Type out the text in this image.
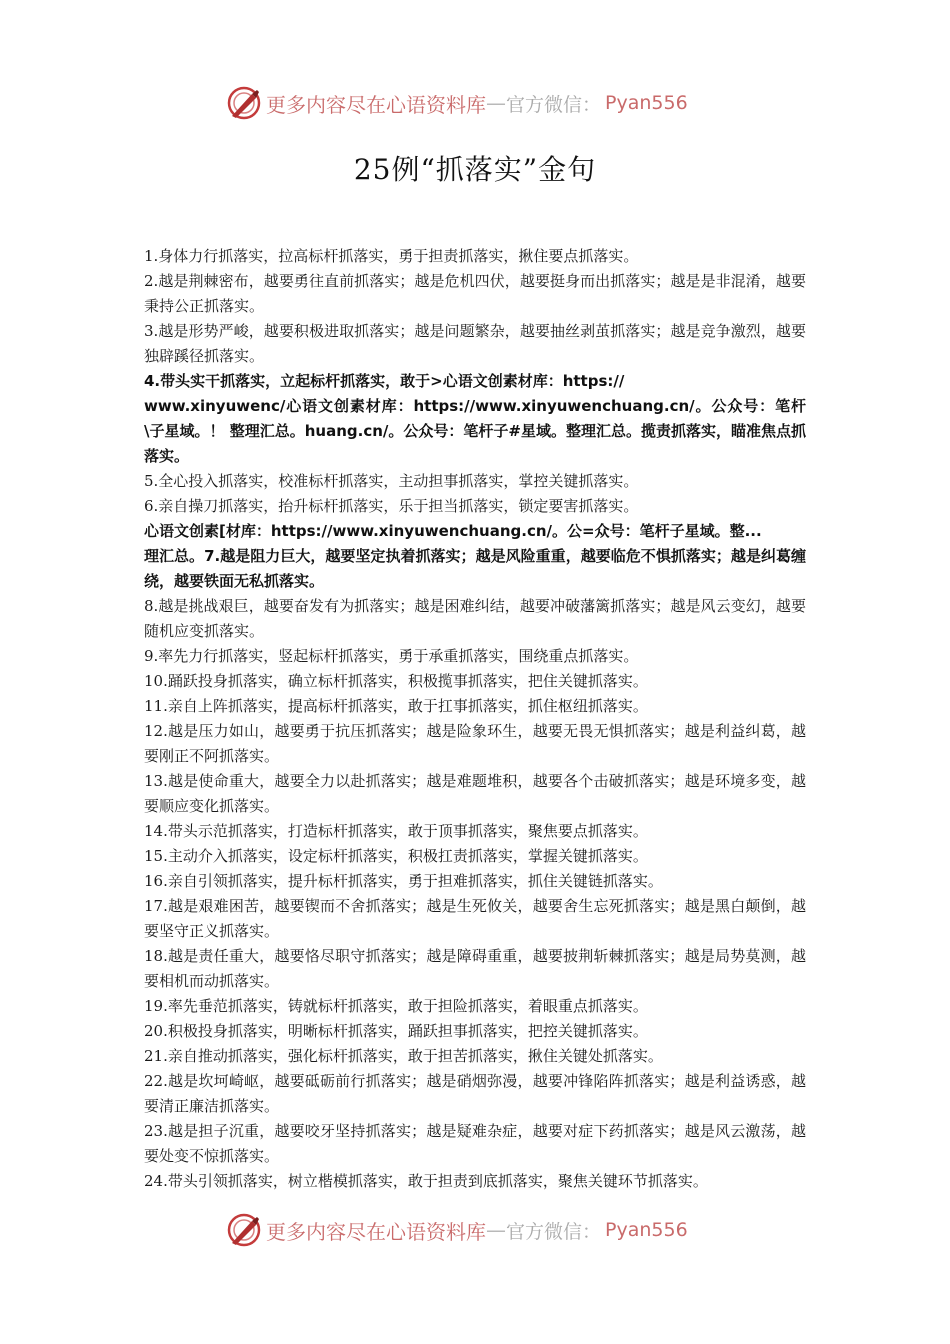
更多内容尽在心语资料库 — 官方微信： Pyan556
25例“抓落实”金句

1.身体力行抓落实，拉高标杆抓落实，勇于担责抓落实，揪住要点抓落实。

2.越是荆棘密布，越要勇往直前抓落实；越是危机四伏，越要挺身而出抓落实；越是是非混淆，越要秉持公正抓落实。

3.越是形势严峻，越要积极进取抓落实；越是问题繁杂，越要抽丝剥茧抓落实；越是竞争激烈，越要独辟蹊径抓落实。

4.带头实干抓落实，立起标杆抓落实，敢于>心语文创素材库：https://
www.xinyuwenc/心语文创素材库：https://www.xinyuwenchuang.cn/。公众号：笔杆\子星域。！ 整理汇总。huang.cn/。公众号：笔杆子#星域。整理汇总。揽责抓落实，瞄准焦点抓落实。

5.全心投入抓落实，校准标杆抓落实，主动担事抓落实，掌控关键抓落实。

6.亲自操刀抓落实，抬升标杆抓落实，乐于担当抓落实，锁定要害抓落实。

心语文创素[材库：https://www.xinyuwenchuang.cn/。公=众号：笔杆子星域。整...
理汇总。7.越是阻力巨大，越要坚定执着抓落实；越是风险重重，越要临危不惧抓落实；越是纠葛缠绕，越要铁面无私抓落实。

8.越是挑战艰巨，越要奋发有为抓落实；越是困难纠结，越要冲破藩篱抓落实；越是风云变幻，越要随机应变抓落实。

9.率先力行抓落实，竖起标杆抓落实，勇于承重抓落实，围绕重点抓落实。

10.踊跃投身抓落实，确立标杆抓落实，积极揽事抓落实，把住关键抓落实。

11.亲自上阵抓落实，提高标杆抓落实，敢于扛事抓落实，抓住枢纽抓落实。

12.越是压力如山，越要勇于抗压抓落实；越是险象环生，越要无畏无惧抓落实；越是利益纠葛，越要刚正不阿抓落实。

13.越是使命重大，越要全力以赴抓落实；越是难题堆积，越要各个击破抓落实；越是环境多变，越要顺应变化抓落实。

14.带头示范抓落实，打造标杆抓落实，敢于顶事抓落实，聚焦要点抓落实。

15.主动介入抓落实，设定标杆抓落实，积极扛责抓落实，掌握关键抓落实。

16.亲自引领抓落实，提升标杆抓落实，勇于担难抓落实，抓住关键链抓落实。

17.越是艰难困苦，越要锲而不舍抓落实；越是生死攸关，越要舍生忘死抓落实；越是黑白颠倒，越要坚守正义抓落实。

18.越是责任重大，越要恪尽职守抓落实；越是障碍重重，越要披荆斩棘抓落实；越是局势莫测，越要相机而动抓落实。

19.率先垂范抓落实，铸就标杆抓落实，敢于担险抓落实，着眼重点抓落实。

20.积极投身抓落实，明晰标杆抓落实，踊跃担事抓落实，把控关键抓落实。

21.亲自推动抓落实，强化标杆抓落实，敢于担苦抓落实，揪住关键处抓落实。

22.越是坎坷崎岖，越要砥砺前行抓落实；越是硝烟弥漫，越要冲锋陷阵抓落实；越是利益诱惑，越要清正廉洁抓落实。

23.越是担子沉重，越要咬牙坚持抓落实；越是疑难杂症，越要对症下药抓落实；越是风云激荡，越要处变不惊抓落实。

24.带头引领抓落实，树立楷模抓落实，敢于担责到底抓落实，聚焦关键环节抓落实。

更多内容尽在心语资料库 — 官方微信： Pyan556
